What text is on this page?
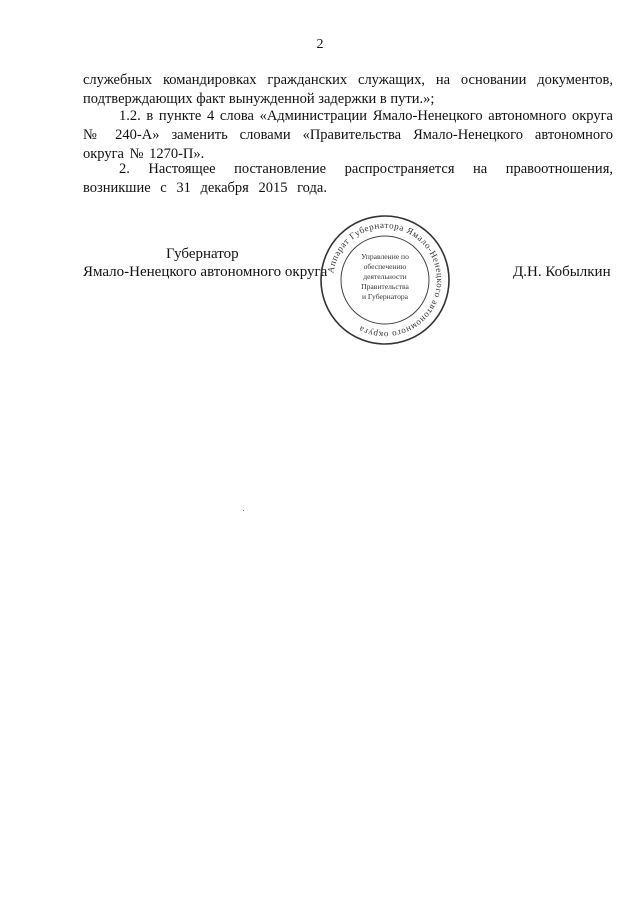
2

служебных командировках гражданских служащих, на основании документов, подтверждающих факт вынужденной задержки в пути.»;

1.2. в пункте 4 слова «Администрации Ямало-Ненецкого автономного округа № 240-А» заменить словами «Правительства Ямало-Ненецкого автономного округа № 1270-П».

2. Настоящее постановление распространяется на правоотношения, возникшие с 31 декабря 2015 года.

Губернатор
Ямало-Ненецкого автономного округа	Д.Н. Кобылкин
Аппарат Губернатора Ямало-Ненецкого автономного округа
Управление по
обеспечению
деятельности
Правительства
и Губернатора
